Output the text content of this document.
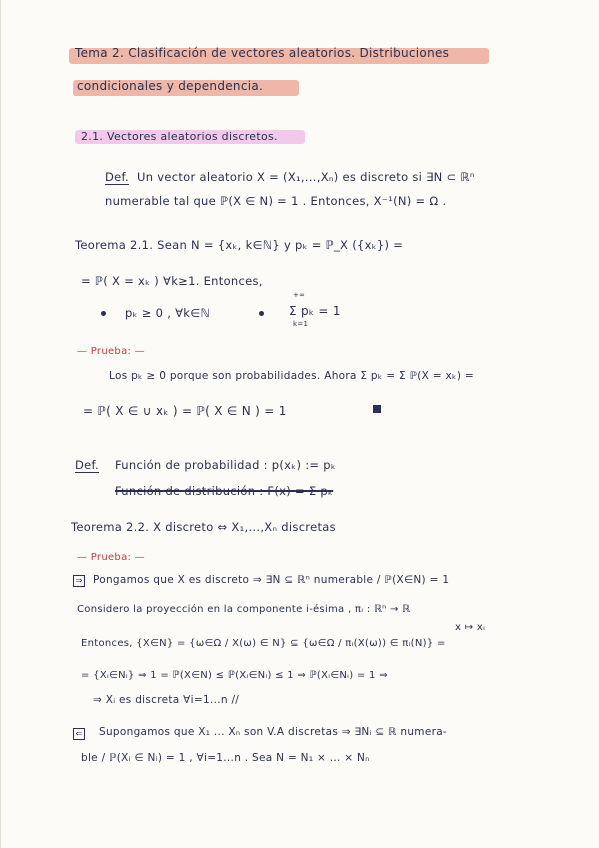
Tema 2. Clasificación de vectores aleatorios. Distribuciones
condicionales y dependencia.
2.1. Vectores aleatorios discretos.
Def. Un vector aleatorio X = (X₁,...,Xₙ) es discreto si ∃N ⊂ ℝⁿ
numerable tal que ℙ(X ∈ N) = 1 . Entonces, X⁻¹(N) = Ω .
Teorema 2.1. Sean N = {xₖ, k∈ℕ} y pₖ = ℙ_X ({xₖ}) =
= ℙ( X = xₖ ) ∀k≥1. Entonces,
pₖ ≥ 0 , ∀k∈ℕ
+∞
k=1
Σ pₖ = 1
— Prueba: —
Los pₖ ≥ 0 porque son probabilidades. Ahora Σ pₖ = Σ ℙ(X = xₖ) =
= ℙ( X ∈ ∪ xₖ ) = ℙ( X ∈ N ) = 1
Def. Función de probabilidad : p(xₖ) := pₖ
Función de distribución : F(x) = Σ pₖ
Teorema 2.2. X discreto ⇔ X₁,...,Xₙ discretas
— Prueba: —
⇒ Pongamos que X es discreto ⇒ ∃N ⊆ ℝⁿ numerable / ℙ(X∈N) = 1
Considero la proyección en la componente i-ésima , πᵢ : ℝⁿ → ℝ
x ↦ xᵢ
Entonces, {X∈N} = {ω∈Ω / X(ω) ∈ N} ⊆ {ω∈Ω / πᵢ(X(ω)) ∈ πᵢ(N)} =
= {Xᵢ∈Nᵢ} ⇒ 1 = ℙ(X∈N) ≤ ℙ(Xᵢ∈Nᵢ) ≤ 1 ⇒ ℙ(Xᵢ∈Nᵢ) = 1 ⇒
⇒ Xᵢ es discreta ∀i=1...n //
⇐ Supongamos que X₁ ... Xₙ son V.A discretas ⇒ ∃Nᵢ ⊆ ℝ numera-
ble / ℙ(Xᵢ ∈ Nᵢ) = 1 , ∀i=1...n . Sea N = N₁ × ... × Nₙ
